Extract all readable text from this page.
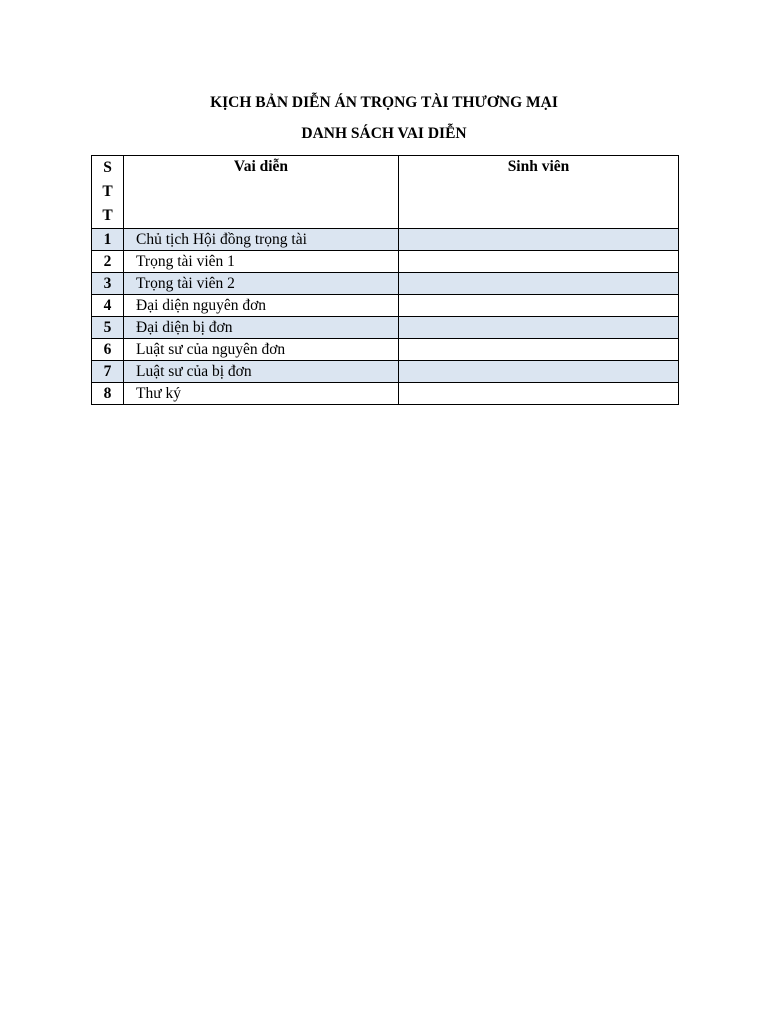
KỊCH BẢN DIỄN ÁN TRỌNG TÀI THƯƠNG MẠI

DANH SÁCH VAI DIỄN

S
T
T	Vai diễn	Sinh viên
1	Chủ tịch Hội đồng trọng tài	
2	Trọng tài viên 1	
3	Trọng tài viên 2	
4	Đại diện nguyên đơn	
5	Đại diện bị đơn	
6	Luật sư của nguyên đơn	
7	Luật sư của bị đơn	
8	Thư ký	
